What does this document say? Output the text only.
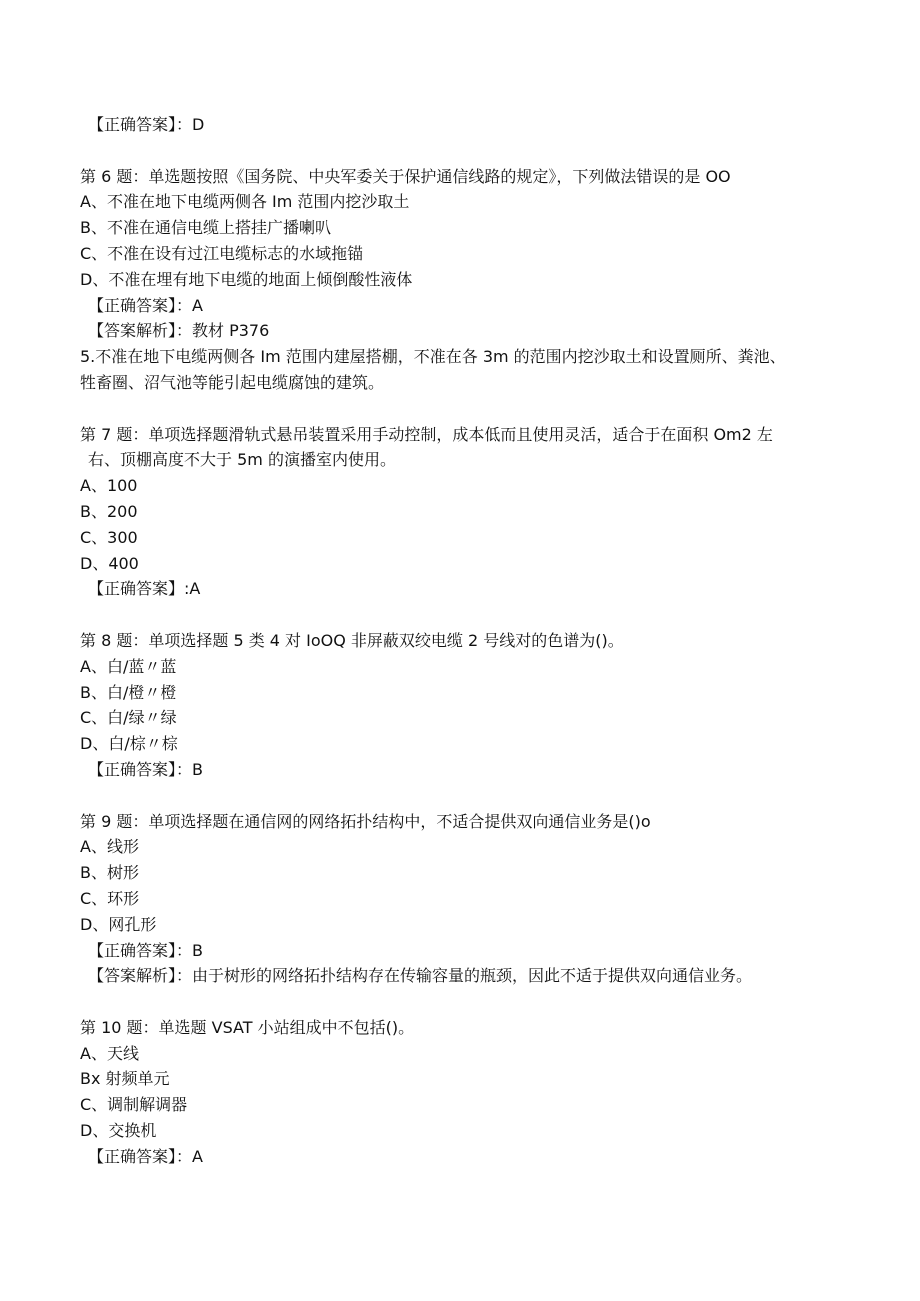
【正确答案】：D

第 6 题：单选题按照《国务院、中央军委关于保护通信线路的规定》，下列做法错误的是 OO

A、不准在地下电缆两侧各 Im 范围内挖沙取土

B、不准在通信电缆上搭挂广播喇叭

C、不准在设有过江电缆标志的水域拖锚

D、不准在埋有地下电缆的地面上倾倒酸性液体

【正确答案】：A

【答案解析】：教材 P376

5.不准在地下电缆两侧各 Im 范围内建屋搭棚，不准在各 3m 的范围内挖沙取土和设置厕所、粪池、

牲畜圈、沼气池等能引起电缆腐蚀的建筑。

第 7 题：单项选择题滑轨式悬吊装置采用手动控制，成本低而且使用灵活，适合于在面积 Om2 左

右、顶棚高度不大于 5m 的演播室内使用。

A、100

B、200

C、300

D、400

【正确答案】:A

第 8 题：单项选择题 5 类 4 对 IoOQ 非屏蔽双绞电缆 2 号线对的色谱为()。

A、白/蓝〃蓝

B、白/橙〃橙

C、白/绿〃绿

D、白/棕〃棕

【正确答案】：B

第 9 题：单项选择题在通信网的网络拓扑结构中，不适合提供双向通信业务是()o

A、线形

B、树形

C、环形

D、网孔形

【正确答案】：B

【答案解析】：由于树形的网络拓扑结构存在传输容量的瓶颈，因此不适于提供双向通信业务。

第 10 题：单选题 VSAT 小站组成中不包括()。

A、天线

Bx 射频单元

C、调制解调器

D、交换机

【正确答案】：A
